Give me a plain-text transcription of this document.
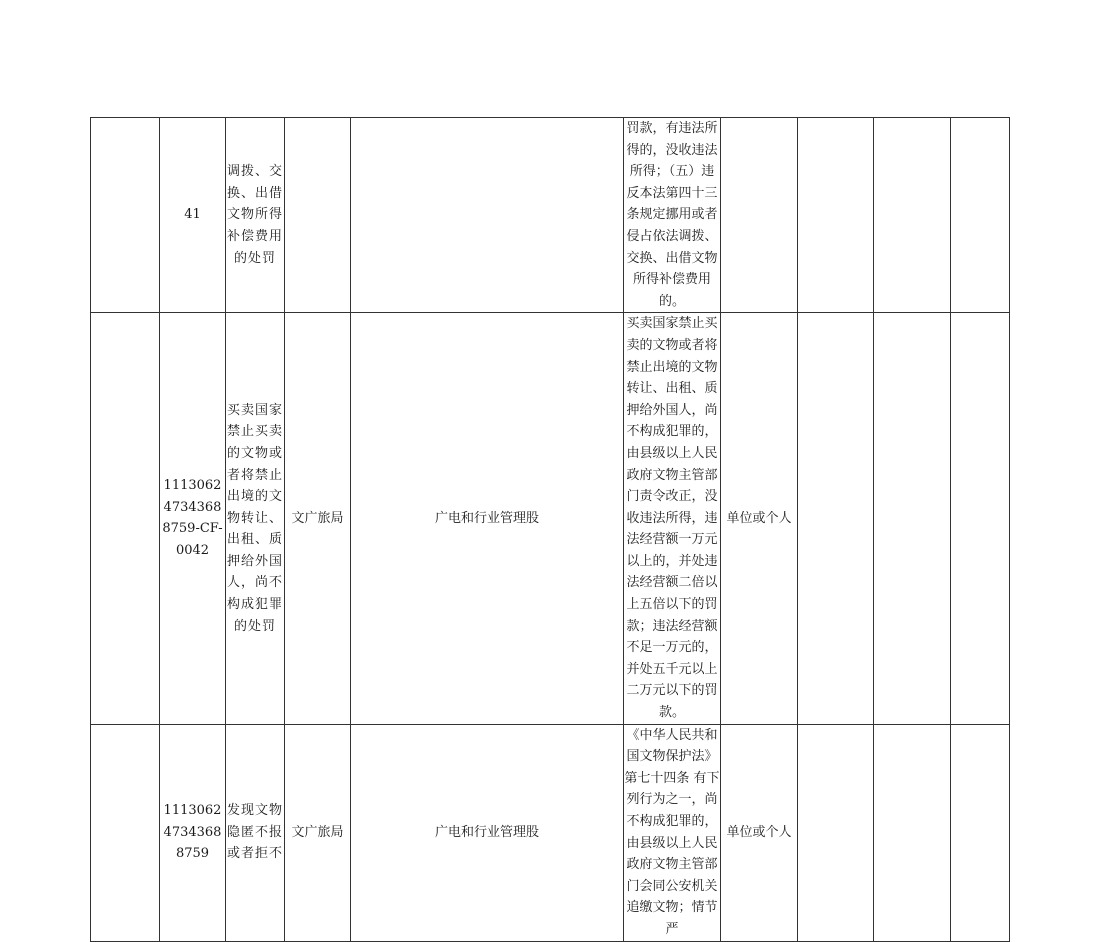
	41	调拨、交换、出借文物所得补偿费用的处罚			罚款，有违法所得的，没收违法所得；（五）违反本法第四十三条规定挪用或者侵占依法调拨、交换、出借文物所得补偿费用的。				
	111306247343688759-CF-0042	买卖国家禁止买卖的文物或者将禁止出境的文物转让、出租、质押给外国人，尚不构成犯罪的处罚	文广旅局	广电和行业管理股	买卖国家禁止买卖的文物或者将禁止出境的文物转让、出租、质押给外国人，尚不构成犯罪的，由县级以上人民政府文物主管部门责令改正，没收违法所得，违法经营额一万元以上的，并处违法经营额二倍以上五倍以下的罚款；违法经营额不足一万元的，并处五千元以上二万元以下的罚款。	单位或个人			
	111306247343688759	发现文物隐匿不报或者拒不	文广旅局	广电和行业管理股	《中华人民共和国文物保护法》第七十四条 有下列行为之一，尚不构成犯罪的，由县级以上人民政府文物主管部门会同公安机关追缴文物；情节严	单位或个人			
